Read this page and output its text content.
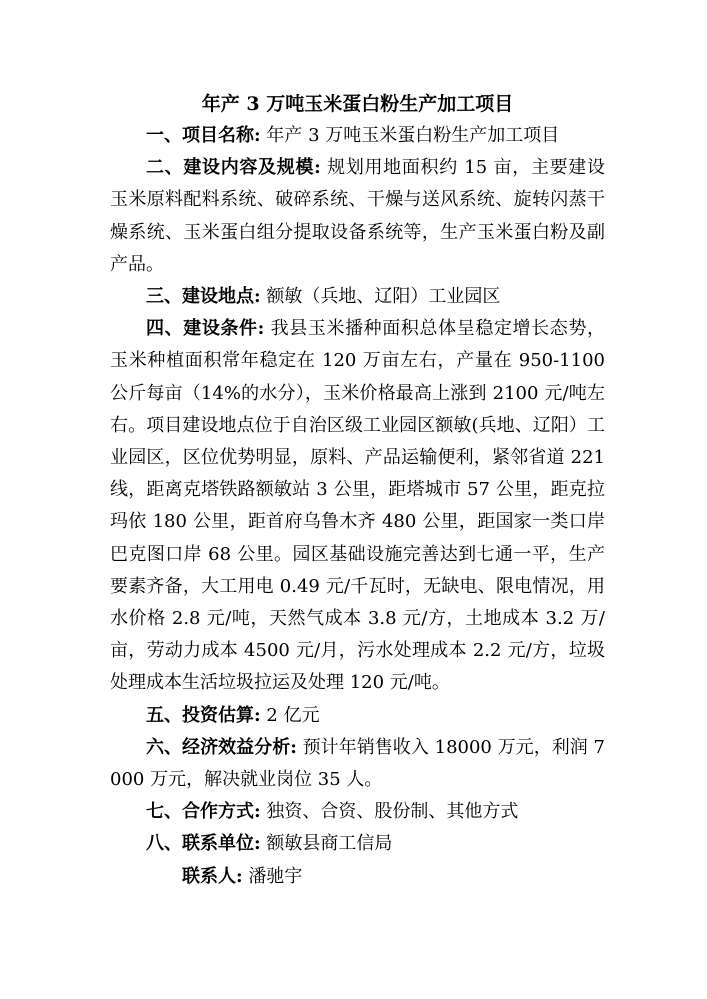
年产 3 万吨玉米蛋白粉生产加工项目

一、项目名称: 年产 3 万吨玉米蛋白粉生产加工项目

二、建设内容及规模: 规划用地面积约 15 亩，主要建设玉米原料配料系统、破碎系统、干燥与送风系统、旋转闪蒸干燥系统、玉米蛋白组分提取设备系统等，生产玉米蛋白粉及副产品。

三、建设地点: 额敏（兵地、辽阳）工业园区

四、建设条件: 我县玉米播种面积总体呈稳定增长态势，玉米种植面积常年稳定在 120 万亩左右，产量在 950-1100 公斤每亩（14%的水分），玉米价格最高上涨到 2100 元/吨左右。项目建设地点位于自治区级工业园区额敏(兵地、辽阳）工业园区，区位优势明显，原料、产品运输便利，紧邻省道 221 线，距离克塔铁路额敏站 3 公里，距塔城市 57 公里，距克拉玛依 180 公里，距首府乌鲁木齐 480 公里，距国家一类口岸巴克图口岸 68 公里。园区基础设施完善达到七通一平，生产要素齐备，大工用电 0.49 元/千瓦时，无缺电、限电情况，用水价格 2.8 元/吨，天然气成本 3.8 元/方，土地成本 3.2 万/亩，劳动力成本 4500 元/月，污水处理成本 2.2 元/方，垃圾处理成本生活垃圾拉运及处理 120 元/吨。

五、投资估算: 2 亿元

六、经济效益分析: 预计年销售收入 18000 万元，利润 7000 万元，解决就业岗位 35 人。

七、合作方式: 独资、合资、股份制、其他方式

八、联系单位: 额敏县商工信局

联系人: 潘驰宇
